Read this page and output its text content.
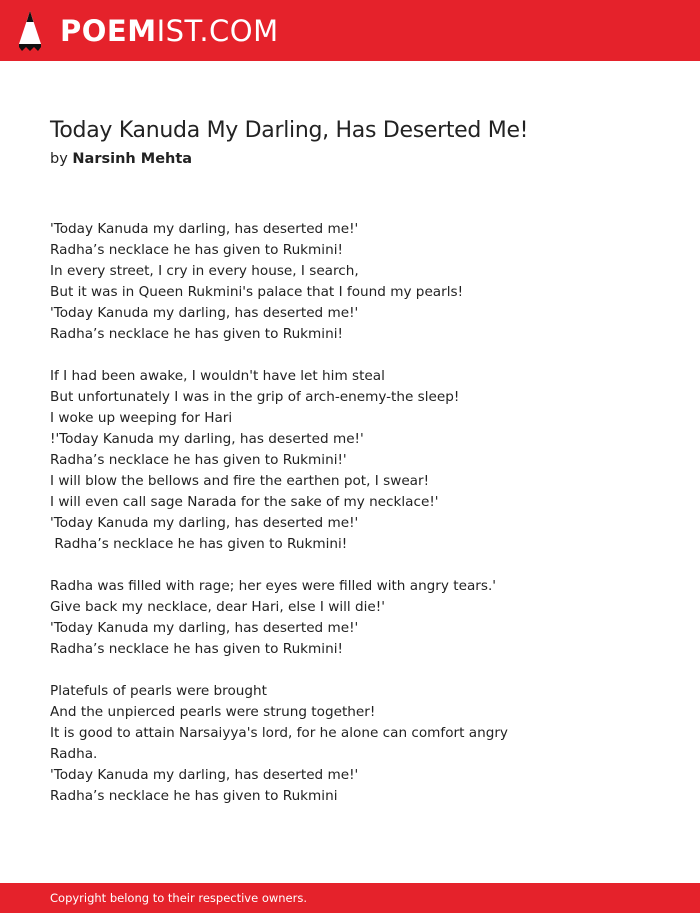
POEMIST.COM
Today Kanuda My Darling, Has Deserted Me!
by Narsinh Mehta
'Today Kanuda my darling, has deserted me!'
Radha’s necklace he has given to Rukmini!
In every street, I cry in every house, I search,
But it was in Queen Rukmini's palace that I found my pearls!
'Today Kanuda my darling, has deserted me!'
Radha’s necklace he has given to Rukmini!
If I had been awake, I wouldn't have let him steal
But unfortunately I was in the grip of arch-enemy-the sleep!
I woke up weeping for Hari
!'Today Kanuda my darling, has deserted me!'
Radha’s necklace he has given to Rukmini!'
I will blow the bellows and fire the earthen pot, I swear!
I will even call sage Narada for the sake of my necklace!'
'Today Kanuda my darling, has deserted me!'
Radha’s necklace he has given to Rukmini!
Radha was filled with rage; her eyes were filled with angry tears.'
Give back my necklace, dear Hari, else I will die!'
'Today Kanuda my darling, has deserted me!'
Radha’s necklace he has given to Rukmini!
Platefuls of pearls were brought
And the unpierced pearls were strung together!
It is good to attain Narsaiyya's lord, for he alone can comfort angry
Radha.
'Today Kanuda my darling, has deserted me!'
Radha’s necklace he has given to Rukmini
Copyright belong to their respective owners.
